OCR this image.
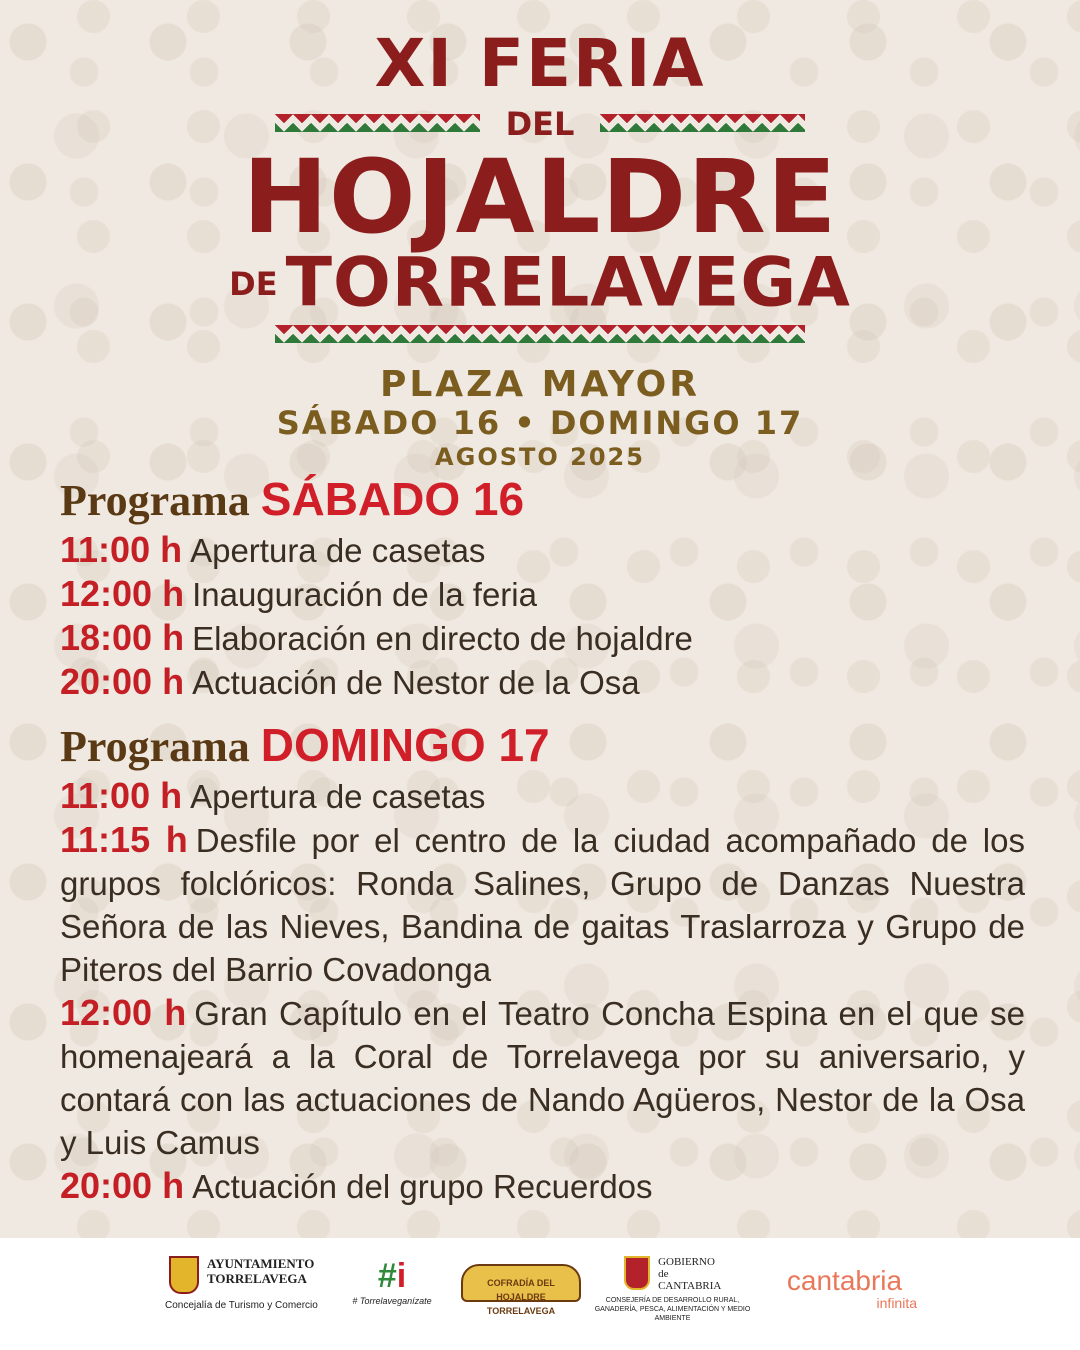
XI FERIA
DEL
HOJALDRE
DE TORRELAVEGA
PLAZA MAYOR
SÁBADO 16 • DOMINGO 17
AGOSTO 2025
Programa SÁBADO 16
11:00 h Apertura de casetas
12:00 h Inauguración de la feria
18:00 h Elaboración en directo de hojaldre
20:00 h Actuación de Nestor de la Osa
Programa DOMINGO 17
11:00 h Apertura de casetas
11:15 h Desfile por el centro de la ciudad acompañado de los grupos folclóricos: Ronda Salines, Grupo de Danzas Nuestra Señora de las Nieves, Bandina de gaitas Traslarroza y Grupo de Piteros del Barrio Covadonga
12:00 h Gran Capítulo en el Teatro Concha Espina en el que se homenajeará a la Coral de Torrelavega por su aniversario, y contará con las actuaciones de Nando Agüeros, Nestor de la Osa y Luis Camus
20:00 h Actuación del grupo Recuerdos
AYUNTAMIENTO
TORRELAVEGA
Concejalía de Turismo y Comercio
#i
# Torrelaveganízate
COFRADÍA DEL HOJALDRE TORRELAVEGA
GOBIERNO
de
CANTABRIA
CONSEJERÍA DE DESARROLLO RURAL, GANADERÍA, PESCA, ALIMENTACIÓN Y MEDIO AMBIENTE
cantabria
infinita
